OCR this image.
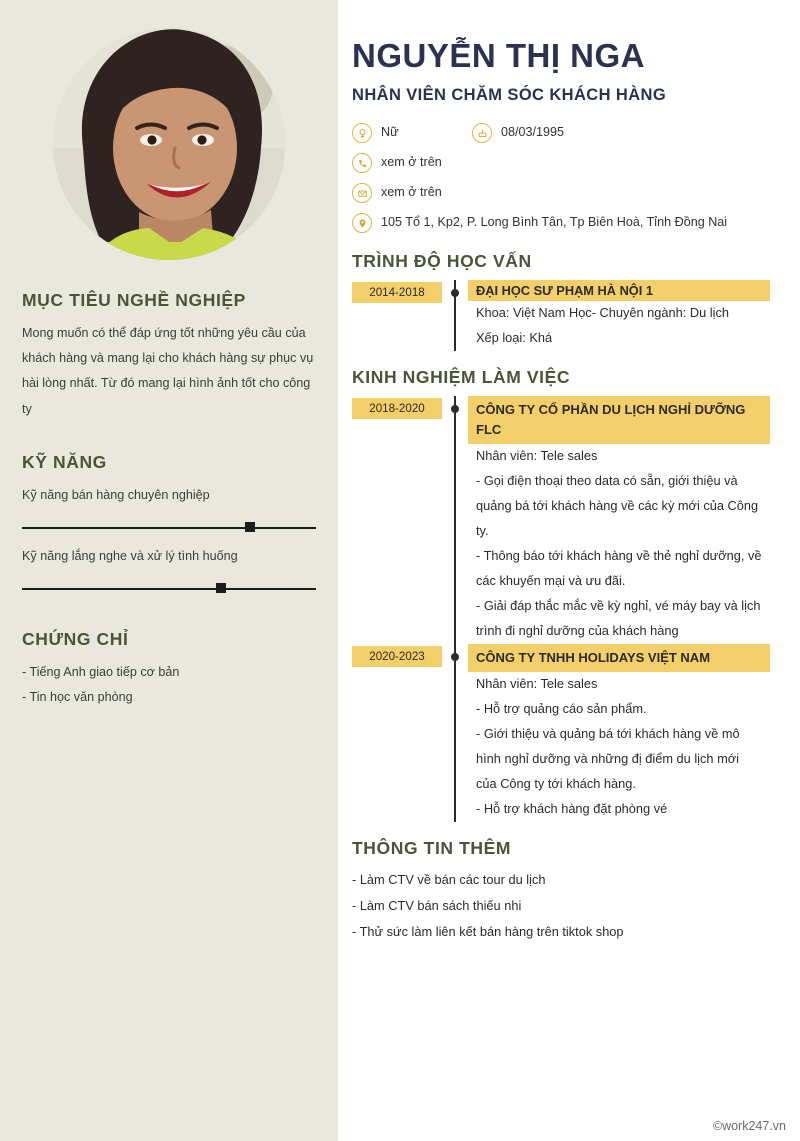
MỤC TIÊU NGHỀ NGHIỆP

Mong muốn có thể đáp ứng tốt những yêu cầu của khách hàng và mang lại cho khách hàng sự phục vụ hài lòng nhất. Từ đó mang lại hình ảnh tốt cho công ty

KỸ NĂNG
Kỹ năng bán hàng chuyên nghiệp
Kỹ năng lắng nghe và xử lý tình huống
CHỨNG CHỈ
- Tiếng Anh giao tiếp cơ bản
- Tin học văn phòng
NGUYỄN THỊ NGA
NHÂN VIÊN CHĂM SÓC KHÁCH HÀNG
Nữ	08/03/1995
xem ở trên
xem ở trên
105 Tổ 1, Kp2, P. Long Bình Tân, Tp Biên Hoà, Tỉnh Đồng Nai
TRÌNH ĐỘ HỌC VẤN
2014-2018	ĐẠI HỌC SƯ PHẠM HÀ NỘI 1
Khoa: Việt Nam Học- Chuyên ngành: Du lịch
Xếp loại: Khá
KINH NGHIỆM LÀM VIỆC
2018-2020	CÔNG TY CỔ PHẦN DU LỊCH NGHỈ DƯỠNG FLC
Nhân viên: Tele sales
- Gọi điện thoại theo data có sẵn, giới thiệu và quảng bá tới khách hàng về các kỳ mới của Công ty.
- Thông báo tới khách hàng về thẻ nghỉ dưỡng, về các khuyến mại và ưu đãi.
- Giải đáp thắc mắc về kỳ nghỉ, vé máy bay và lịch trình đi nghỉ dưỡng của khách hàng
2020-2023	CÔNG TY TNHH HOLIDAYS VIỆT NAM
Nhân viên: Tele sales
- Hỗ trợ quảng cáo sản phẩm.
- Giới thiệu và quảng bá tới khách hàng về mô hình nghỉ dưỡng và những đị điểm du lịch mới của Công ty tới khách hàng.
- Hỗ trợ khách hàng đặt phòng vé
THÔNG TIN THÊM
- Làm CTV về bán các tour du lịch
- Làm CTV bán sách thiếu nhi
- Thử sức làm liên kết bán hàng trên tiktok shop
©work247.vn
